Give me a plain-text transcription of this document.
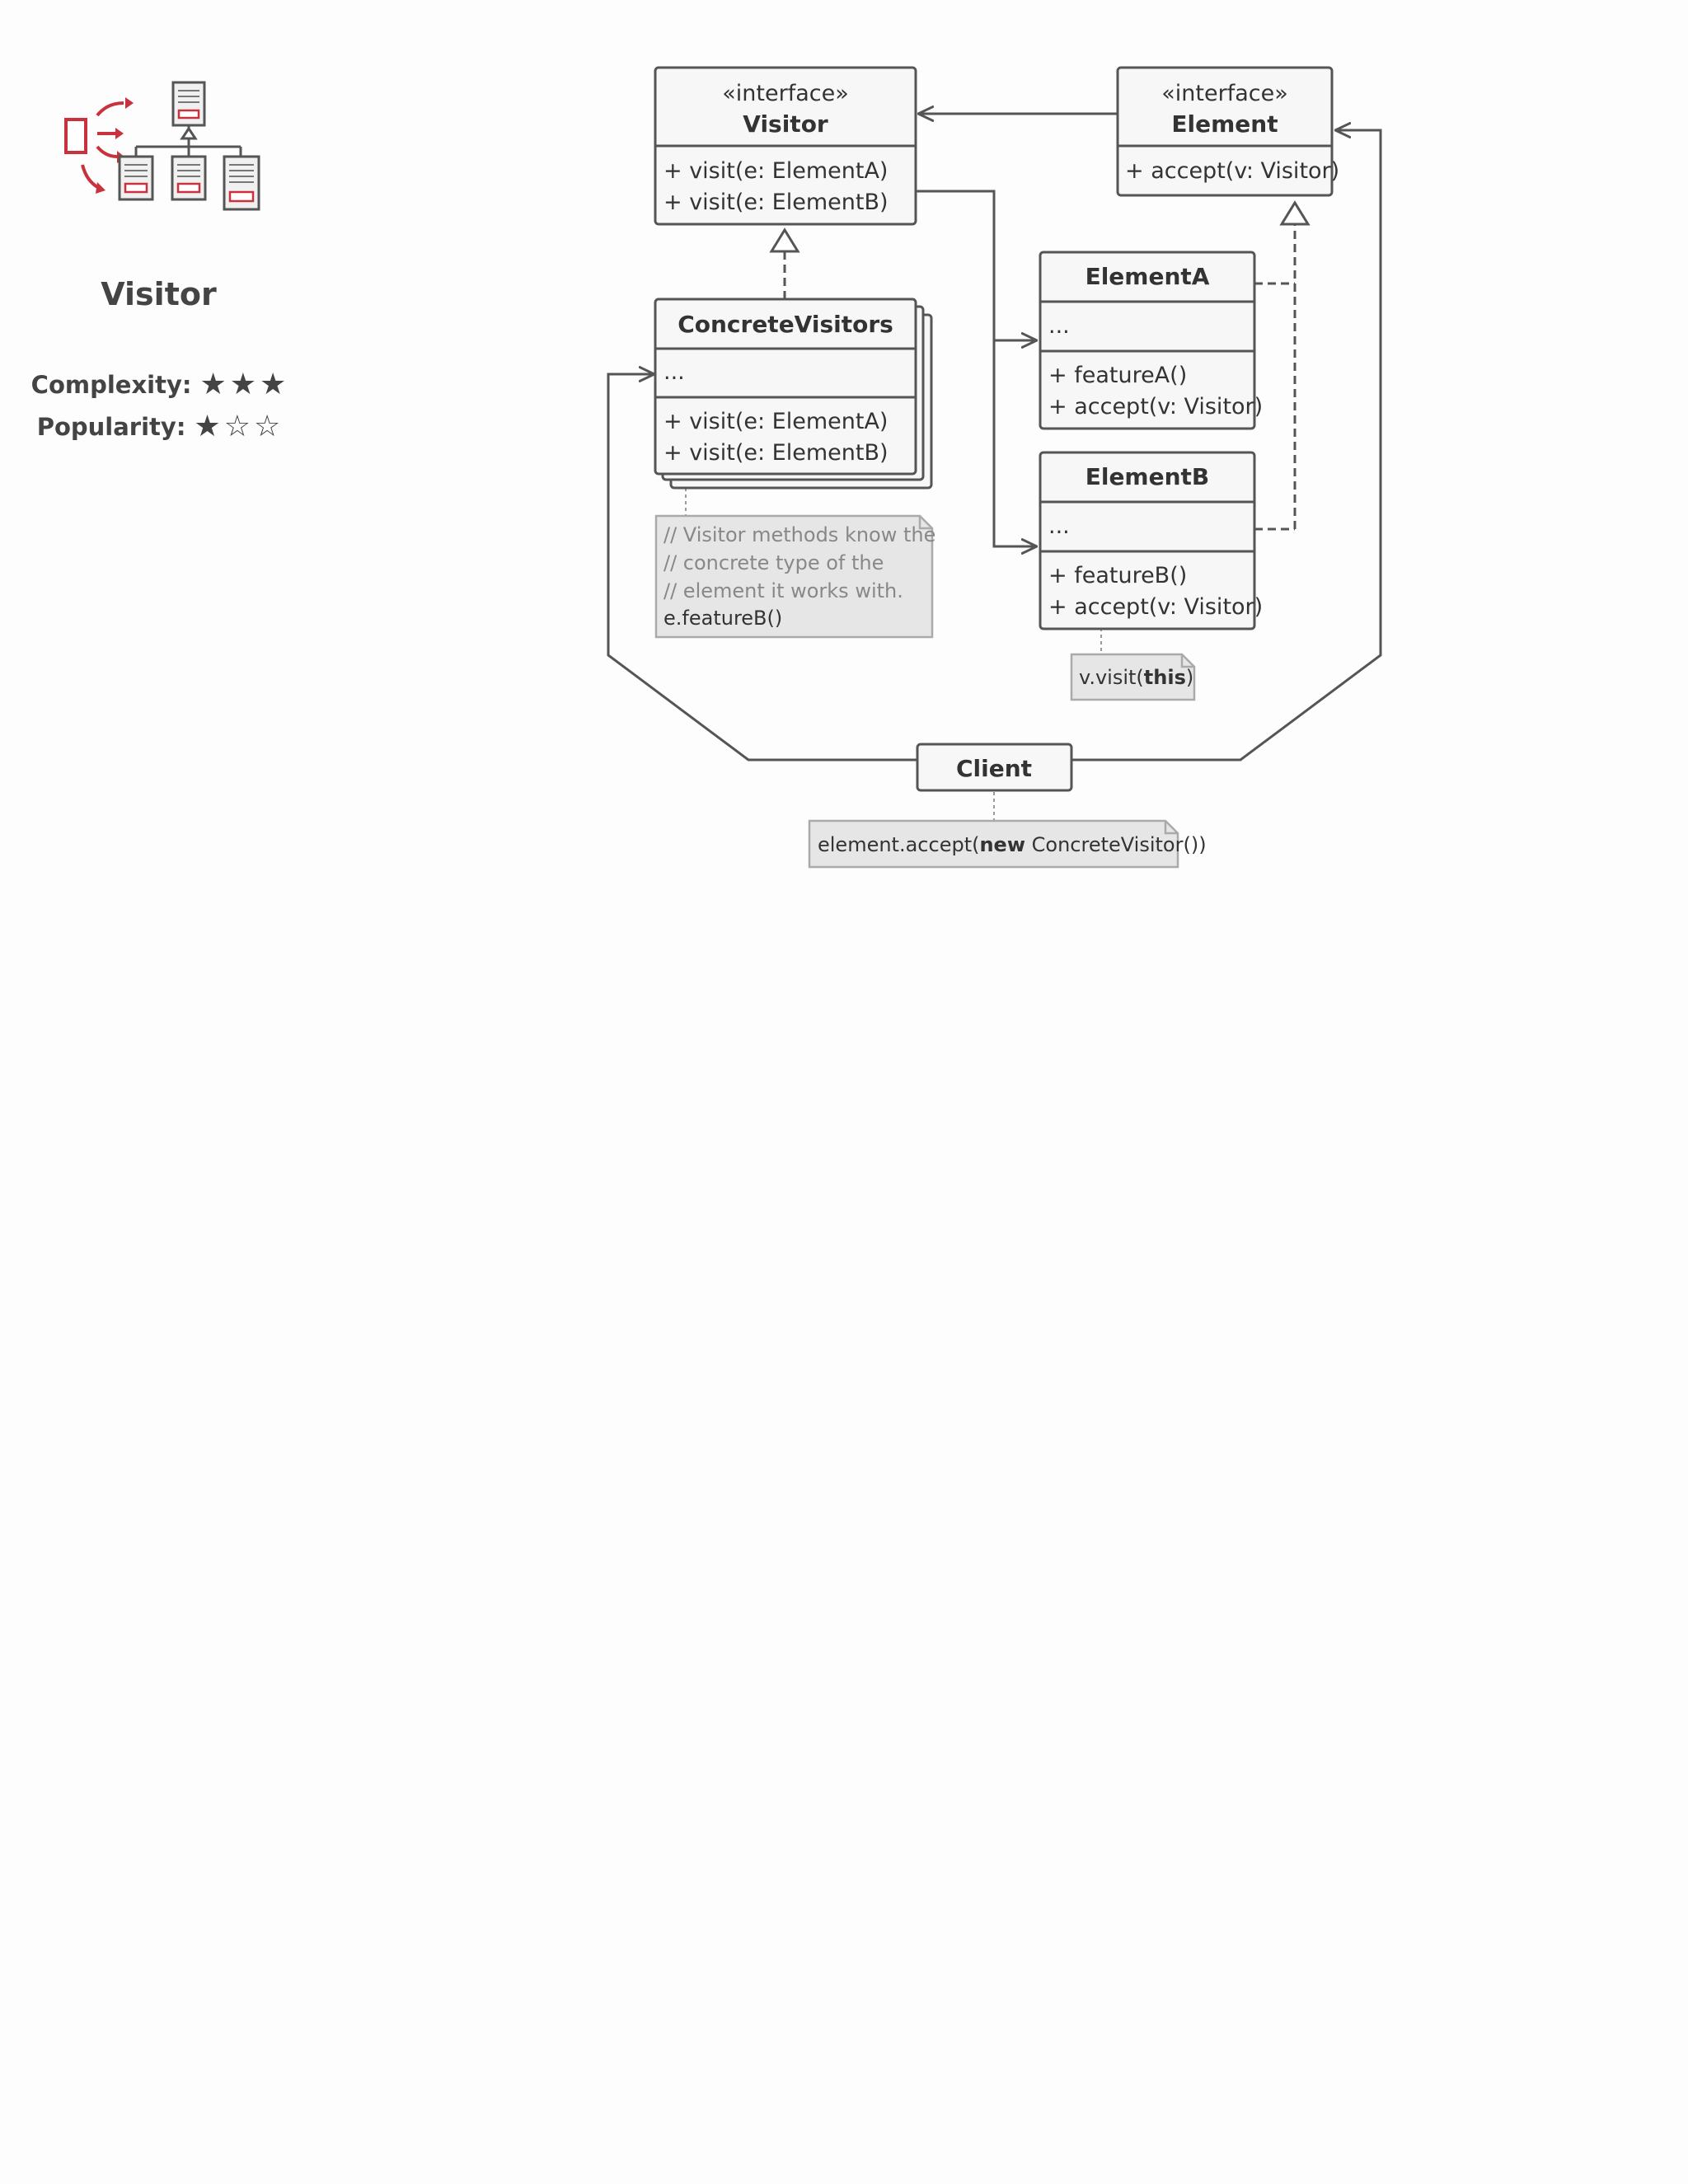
Visitor
Complexity: ★ ★ ★
Popularity: ★ ☆ ☆
«interface»
Visitor
+ visit(e: ElementA)
+ visit(e: ElementB)
«interface»
Element
+ accept(v: Visitor)
ConcreteVisitors
...
+ visit(e: ElementA)
+ visit(e: ElementB)
ElementA
...
+ featureA()
+ accept(v: Visitor)
ElementB
...
+ featureB()
+ accept(v: Visitor)
Client
// Visitor methods know the
// concrete type of the
// element it works with.
e.featureB()
v.visit(this)
element.accept(new ConcreteVisitor())
